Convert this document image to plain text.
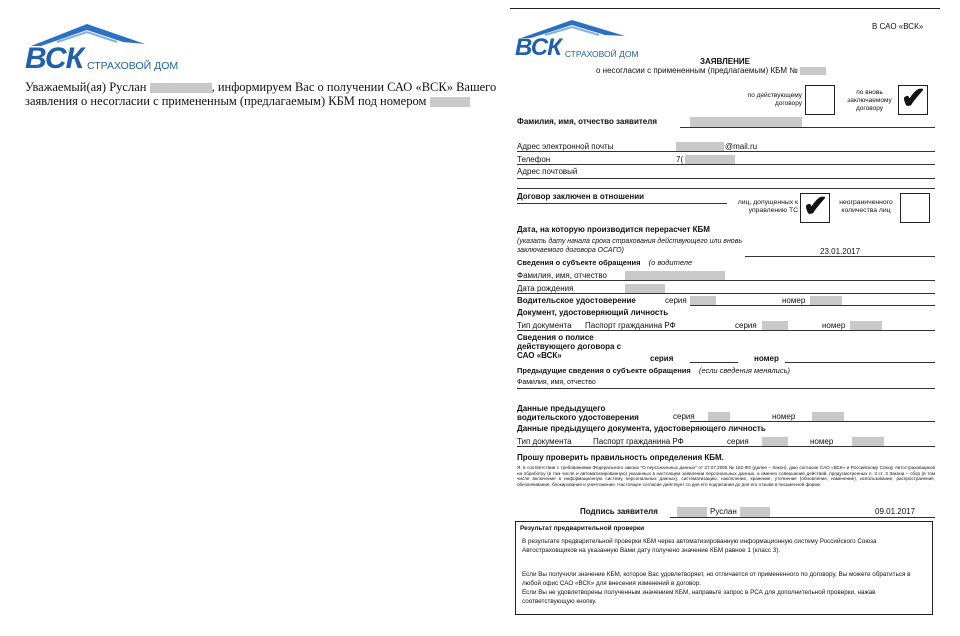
ВСК СТРАХОВОЙ ДОМ
Уважаемый(ая) Руслан	, информируем Вас о получении САО «ВСК» Вашего
заявления о несогласии с примененным (предлагаемым) КБМ под номером
В САО «ВСК»
ВСК СТРАХОВОЙ ДОМ
ЗАЯВЛЕНИЕ
о несогласии с примененным (предлагаемым) КБМ №
по действующему договору
по вновь заключаемому договору ✔
Фамилия, имя, отчество заявителя
Адрес электронной почты	@mail.ru
Телефон	7(
Адрес почтовый
Договор заключен в отношении
лиц, допущенных к управлению ТС ✔	неограниченного количества лиц
Дата, на которую производится перерасчет КБМ
(указать дату начала срока страхования действующего или вновь заключаемого договора ОСАГО)	23.01.2017
Сведения о субъекте обращения (о водителе
Фамилия, имя, отчество
Дата рождения
Водительское удостоверение	серия	номер
Документ, удостоверяющий личность
Тип документа Паспорт гражданина РФ	серия	номер
Сведения о полисе
действующего договора с
САО «ВСК»	серия	номер
Предыдущие сведения о субъекте обращения (если сведения менялись)
Фамилия, имя, отчество
Данные предыдущего
водительского удостоверения	серия	номер
Данные предыдущего документа, удостоверяющего личность
Тип документа	Паспорт гражданина РФ	серия	номер
Прошу проверить правильность определения КБМ.
Я, в соответствии с требованиями Федерального закона "О персональных данных" от 27.07.2006 № 152-ФЗ (далее – Закон), даю согласие САО «ВСК» и Российскому Союзу Автостраховщиков на обработку (в том числе и автоматизированную) указанных в настоящем заявлении персональных данных, а именно совершение действий, предусмотренных п. 3 ст. 3 Закона – сбор (в том числе включение в информационную систему персональных данных), систематизацию, накопление, хранение, уточнение (обновление, изменение), использование, распространение, обезличивание, блокирование и уничтожение. Настоящее согласие действует со дня его подписания до дня его отзыва в письменной форме.
Подпись заявителя	Руслан	09.01.2017
Результат предварительной проверки
В результате предварительной проверки КБМ через автоматизированную информационную систему Российского Союза Автостраховщиков на указанную Вами дату получено значение КБМ равное 1 (класс 3).
Если Вы получили значение КБМ, которое Вас удовлетворяет, но отличается от примененного по договору, Вы можете обратиться в любой офис САО «ВСК» для внесения изменений в договор.
Если Вы не удовлетворены полученным значением КБМ, направьте запрос в РСА для дополнительной проверки, нажав соответствующую кнопку.
